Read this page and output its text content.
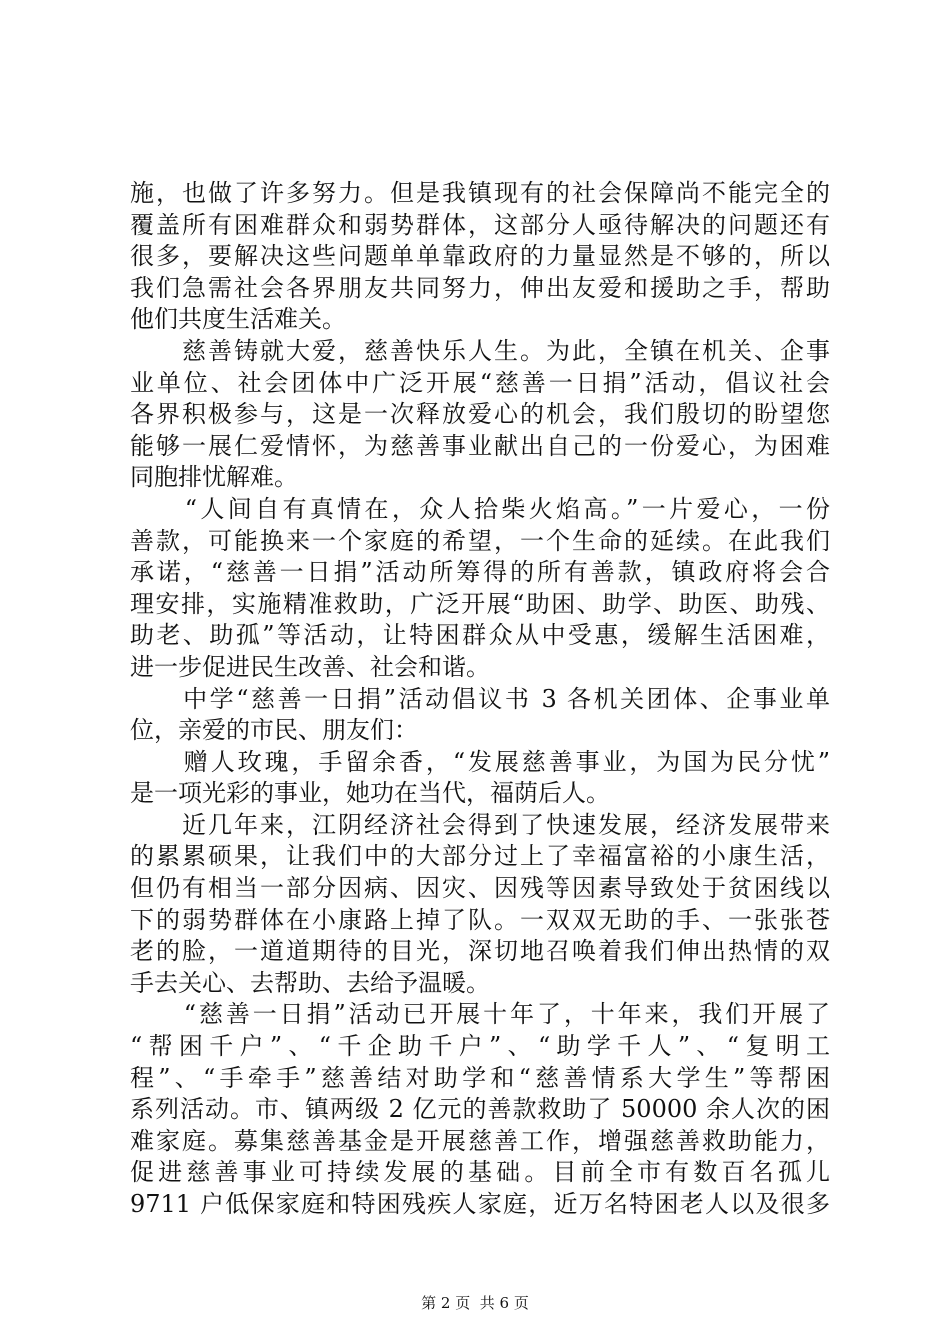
施，也做了许多努力。但是我镇现有的社会保障尚不能完全的
覆盖所有困难群众和弱势群体，这部分人亟待解决的问题还有
很多，要解决这些问题单单靠政府的力量显然是不够的，所以
我们急需社会各界朋友共同努力，伸出友爱和援助之手，帮助
他们共度生活难关。
　　慈善铸就大爱，慈善快乐人生。为此，全镇在机关、企事
业单位、社会团体中广泛开展“慈善一日捐”活动，倡议社会
各界积极参与，这是一次释放爱心的机会，我们殷切的盼望您
能够一展仁爱情怀，为慈善事业献出自己的一份爱心，为困难
同胞排忧解难。
　　“人间自有真情在，众人拾柴火焰高。”一片爱心，一份
善款，可能换来一个家庭的希望，一个生命的延续。在此我们
承诺，“慈善一日捐”活动所筹得的所有善款，镇政府将会合
理安排，实施精准救助，广泛开展“助困、助学、助医、助残、
助老、助孤”等活动，让特困群众从中受惠，缓解生活困难，
进一步促进民生改善、社会和谐。
　　中学“慈善一日捐”活动倡议书 3 各机关团体、企事业单
位，亲爱的市民、朋友们：
　　赠人玫瑰，手留余香，“发展慈善事业，为国为民分忧”
是一项光彩的事业，她功在当代，福荫后人。
　　近几年来，江阴经济社会得到了快速发展，经济发展带来
的累累硕果，让我们中的大部分过上了幸福富裕的小康生活，
但仍有相当一部分因病、因灾、因残等因素导致处于贫困线以
下的弱势群体在小康路上掉了队。一双双无助的手、一张张苍
老的脸，一道道期待的目光，深切地召唤着我们伸出热情的双
手去关心、去帮助、去给予温暖。
　　“慈善一日捐”活动已开展十年了，十年来，我们开展了
“帮困千户”、“千企助千户”、“助学千人”、“复明工
程”、“手牵手”慈善结对助学和“慈善情系大学生”等帮困
系列活动。市、镇两级 2 亿元的善款救助了 50000 余人次的困
难家庭。募集慈善基金是开展慈善工作，增强慈善救助能力，
促进慈善事业可持续发展的基础。目前全市有数百名孤儿
9711 户低保家庭和特困残疾人家庭，近万名特困老人以及很多
第 2 页  共 6 页
